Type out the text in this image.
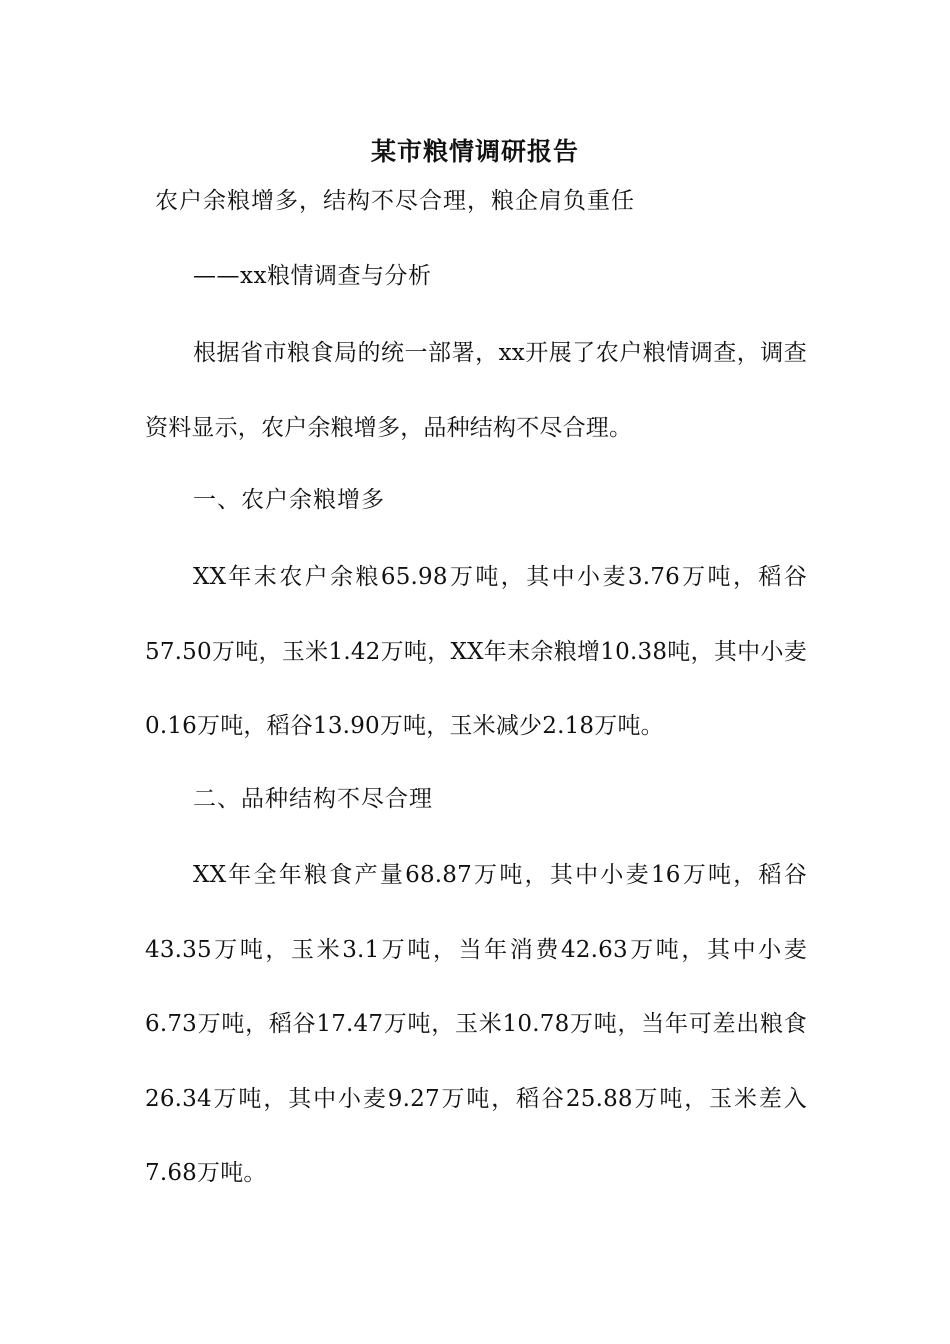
某市粮情调研报告
农户余粮增多，结构不尽合理，粮企肩负重任
——xx粮情调查与分析

根据省市粮食局的统一部署，xx开展了农户粮情调查，调查资料显示，农户余粮增多，品种结构不尽合理。

一、农户余粮增多

XX年末农户余粮65.98万吨，其中小麦3.76万吨，稻谷57.50万吨，玉米1.42万吨，XX年末余粮增10.38吨，其中小麦0.16万吨，稻谷13.90万吨，玉米减少2.18万吨。

二、品种结构不尽合理

XX年全年粮食产量68.87万吨，其中小麦16万吨，稻谷43.35万吨，玉米3.1万吨，当年消费42.63万吨，其中小麦6.73万吨，稻谷17.47万吨，玉米10.78万吨，当年可差出粮食26.34万吨，其中小麦9.27万吨，稻谷25.88万吨，玉米差入7.68万吨。
